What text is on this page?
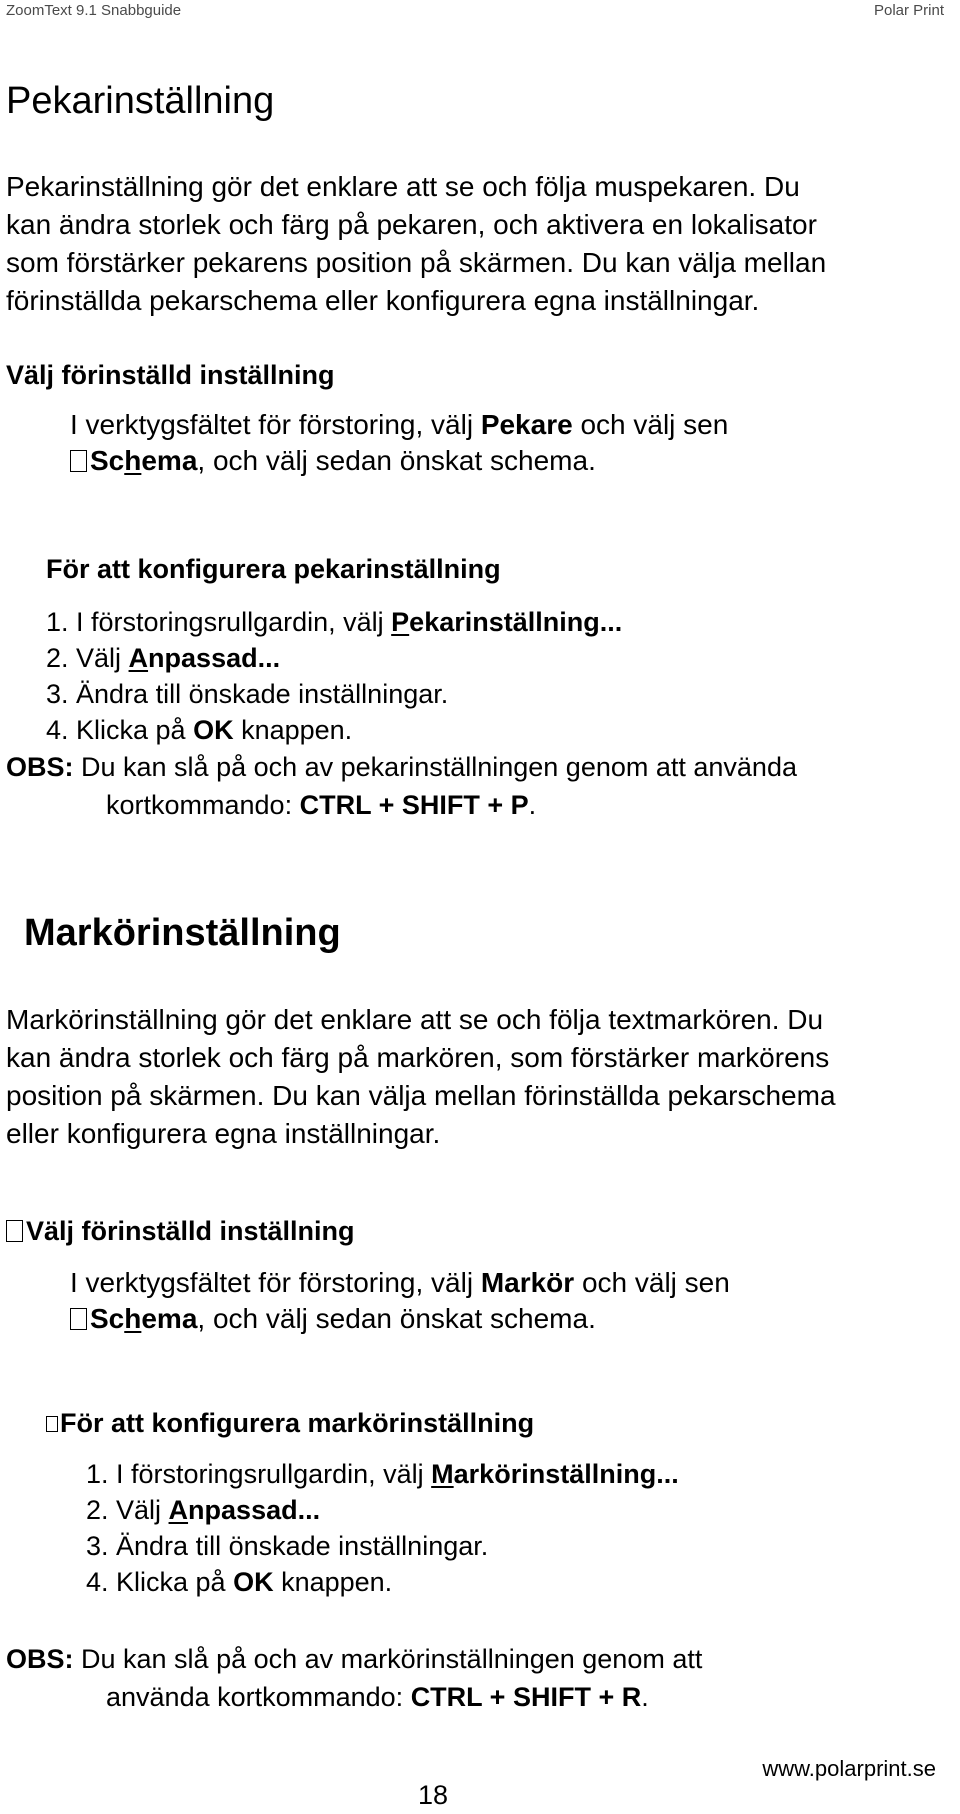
ZoomText 9.1 Snabbguide	Polar Print
Pekarinställning
Pekarinställning gör det enklare att se och följa muspekaren. Du
kan ändra storlek och färg på pekaren, och aktivera en lokalisator
som förstärker pekarens position på skärmen. Du kan välja mellan
förinställda pekarschema eller konfigurera egna inställningar.
Välj förinställd inställning
I verktygsfältet för förstoring, välj Pekare och välj sen
Schema, och välj sedan önskat schema.
För att konfigurera pekarinställning
1. I förstoringsrullgardin, välj Pekarinställning...
2. Välj Anpassad...
3. Ändra till önskade inställningar.
4. Klicka på OK knappen.
OBS: Du kan slå på och av pekarinställningen genom att använda
kortkommando: CTRL + SHIFT + P.
Markörinställning
Markörinställning gör det enklare att se och följa textmarkören. Du
kan ändra storlek och färg på markören, som förstärker markörens
position på skärmen. Du kan välja mellan förinställda pekarschema
eller konfigurera egna inställningar.
Välj förinställd inställning
I verktygsfältet för förstoring, välj Markör och välj sen
Schema, och välj sedan önskat schema.
För att konfigurera markörinställning
1. I förstoringsrullgardin, välj Markörinställning...
2. Välj Anpassad...
3. Ändra till önskade inställningar.
4. Klicka på OK knappen.
OBS: Du kan slå på och av markörinställningen genom att
använda kortkommando: CTRL + SHIFT + R.
www.polarprint.se
18
